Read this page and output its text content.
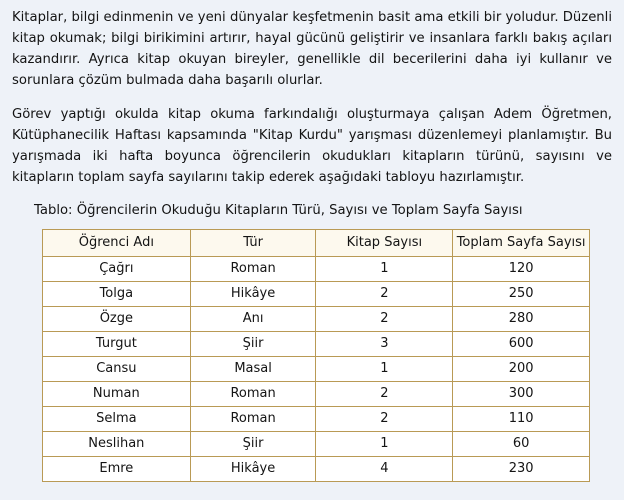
Kitaplar, bilgi edinmenin ve yeni dünyalar keşfetmenin basit ama etkili bir yoludur. Düzenli kitap okumak; bilgi birikimini artırır, hayal gücünü geliştirir ve insanlara farklı bakış açıları kazandırır. Ayrıca kitap okuyan bireyler, genellikle dil becerilerini daha iyi kullanır ve sorunlara çözüm bulmada daha başarılı olurlar.

Görev yaptığı okulda kitap okuma farkındalığı oluşturmaya çalışan Adem Öğretmen, Kütüphanecilik Haftası kapsamında "Kitap Kurdu" yarışması düzenlemeyi planlamıştır. Bu yarışmada iki hafta boyunca öğrencilerin okudukları kitapların türünü, sayısını ve kitapların toplam sayfa sayılarını takip ederek aşağıdaki tabloyu hazırlamıştır.

Tablo: Öğrencilerin Okuduğu Kitapların Türü, Sayısı ve Toplam Sayfa Sayısı
Öğrenci Adı	Tür	Kitap Sayısı	Toplam Sayfa Sayısı
Çağrı	Roman	1	120
Tolga	Hikâye	2	250
Özge	Anı	2	280
Turgut	Şiir	3	600
Cansu	Masal	1	200
Numan	Roman	2	300
Selma	Roman	2	110
Neslihan	Şiir	1	60
Emre	Hikâye	4	230
